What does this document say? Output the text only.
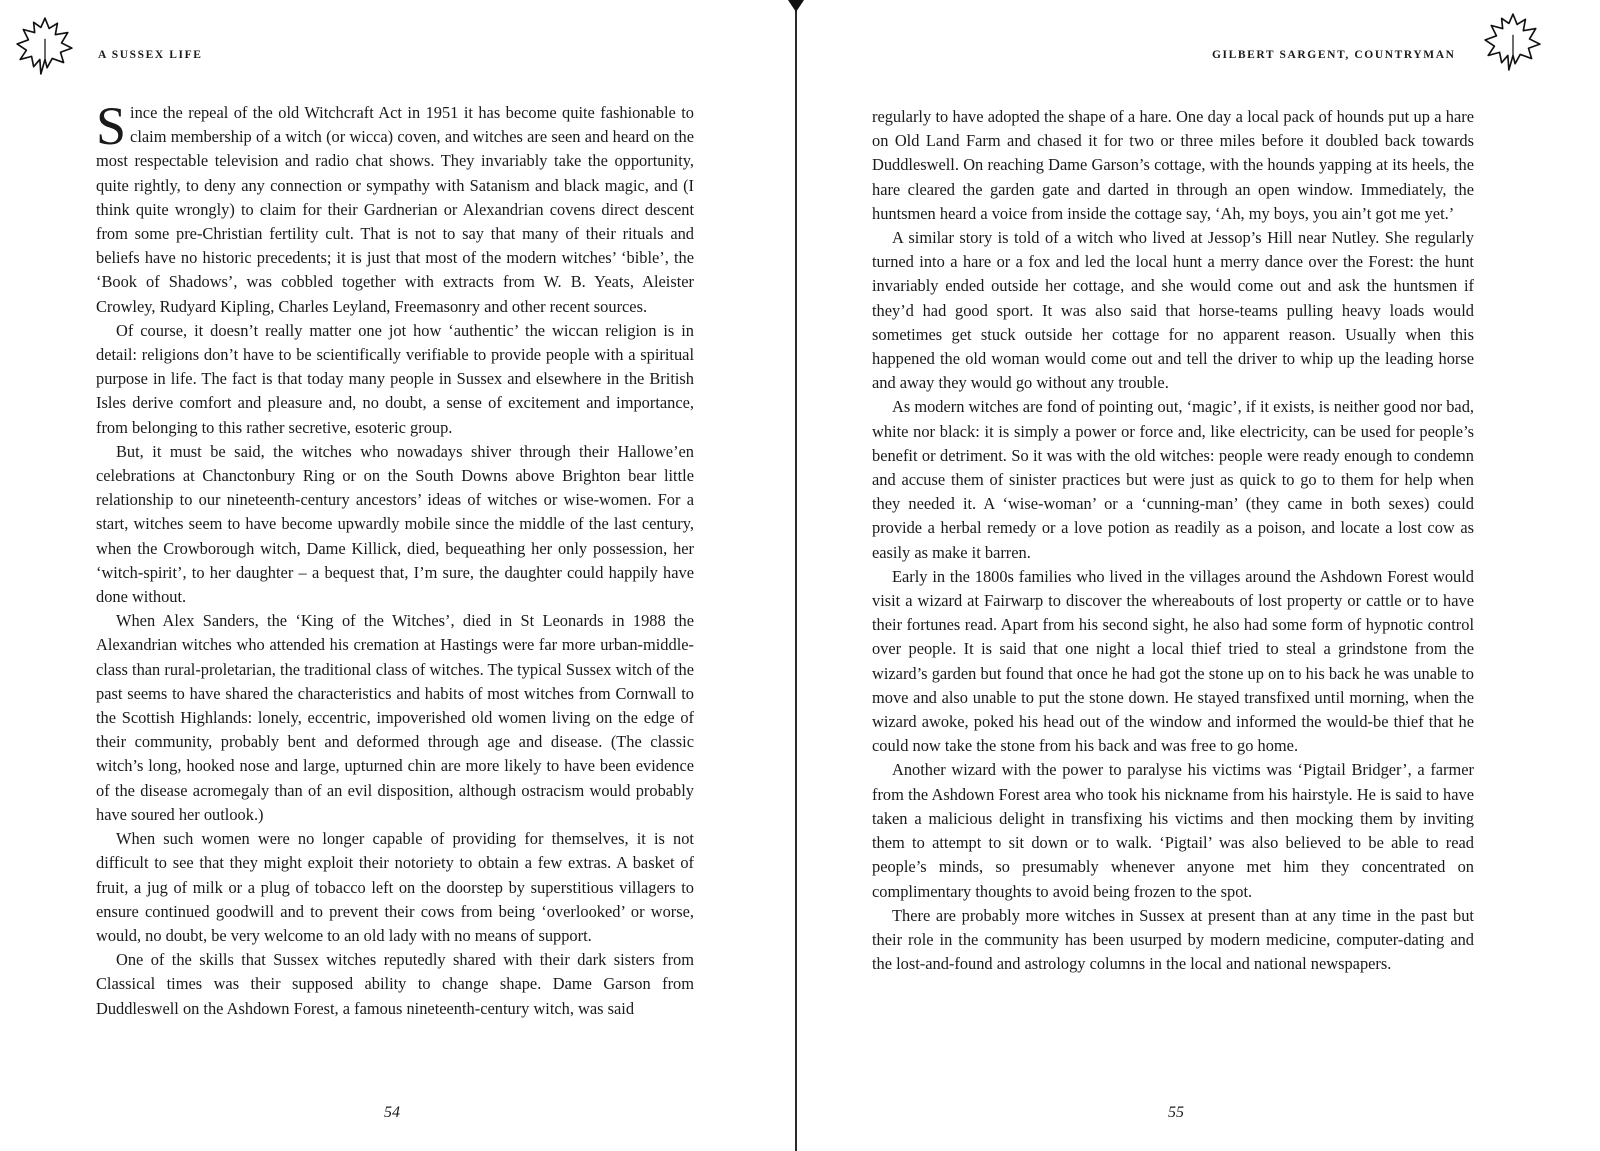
A SUSSEX LIFE

Since the repeal of the old Witchcraft Act in 1951 it has become quite fashionable to claim membership of a witch (or wicca) coven, and witches are seen and heard on the most respectable television and radio chat shows. They invariably take the opportunity, quite rightly, to deny any connection or sympathy with Satanism and black magic, and (I think quite wrongly) to claim for their Gardnerian or Alexandrian covens direct descent from some pre-Christian fertility cult. That is not to say that many of their rituals and beliefs have no historic precedents; it is just that most of the modern witches’ ‘bible’, the ‘Book of Shadows’, was cobbled together with extracts from W. B. Yeats, Aleister Crowley, Rudyard Kipling, Charles Leyland, Freemasonry and other recent sources.

Of course, it doesn’t really matter one jot how ‘authentic’ the wiccan religion is in detail: religions don’t have to be scientifically verifiable to provide people with a spiritual purpose in life. The fact is that today many people in Sussex and elsewhere in the British Isles derive comfort and pleasure and, no doubt, a sense of excitement and importance, from belonging to this rather secretive, esoteric group.

But, it must be said, the witches who nowadays shiver through their Hallowe’en celebrations at Chanctonbury Ring or on the South Downs above Brighton bear little relationship to our nineteenth-century ancestors’ ideas of witches or wise-women. For a start, witches seem to have become upwardly mobile since the middle of the last century, when the Crowborough witch, Dame Killick, died, bequeathing her only possession, her ‘witch-spirit’, to her daughter – a bequest that, I’m sure, the daughter could happily have done without.

When Alex Sanders, the ‘King of the Witches’, died in St Leonards in 1988 the Alexandrian witches who attended his cremation at Hastings were far more urban-middle-class than rural-proletarian, the traditional class of witches. The typical Sussex witch of the past seems to have shared the characteristics and habits of most witches from Cornwall to the Scottish Highlands: lonely, eccentric, impoverished old women living on the edge of their community, probably bent and deformed through age and disease. (The classic witch’s long, hooked nose and large, upturned chin are more likely to have been evidence of the disease acromegaly than of an evil disposition, although ostracism would probably have soured her outlook.)

When such women were no longer capable of providing for themselves, it is not difficult to see that they might exploit their notoriety to obtain a few extras. A basket of fruit, a jug of milk or a plug of tobacco left on the doorstep by superstitious villagers to ensure continued goodwill and to prevent their cows from being ‘overlooked’ or worse, would, no doubt, be very welcome to an old lady with no means of support.

One of the skills that Sussex witches reputedly shared with their dark sisters from Classical times was their supposed ability to change shape. Dame Garson from Duddleswell on the Ashdown Forest, a famous nineteenth-century witch, was said

54
GILBERT SARGENT, COUNTRYMAN

regularly to have adopted the shape of a hare. One day a local pack of hounds put up a hare on Old Land Farm and chased it for two or three miles before it doubled back towards Duddleswell. On reaching Dame Garson’s cottage, with the hounds yapping at its heels, the hare cleared the garden gate and darted in through an open window. Immediately, the huntsmen heard a voice from inside the cottage say, ‘Ah, my boys, you ain’t got me yet.’

A similar story is told of a witch who lived at Jessop’s Hill near Nutley. She regularly turned into a hare or a fox and led the local hunt a merry dance over the Forest: the hunt invariably ended outside her cottage, and she would come out and ask the huntsmen if they’d had good sport. It was also said that horse-teams pulling heavy loads would sometimes get stuck outside her cottage for no apparent reason. Usually when this happened the old woman would come out and tell the driver to whip up the leading horse and away they would go without any trouble.

As modern witches are fond of pointing out, ‘magic’, if it exists, is neither good nor bad, white nor black: it is simply a power or force and, like electricity, can be used for people’s benefit or detriment. So it was with the old witches: people were ready enough to condemn and accuse them of sinister practices but were just as quick to go to them for help when they needed it. A ‘wise-woman’ or a ‘cunning-man’ (they came in both sexes) could provide a herbal remedy or a love potion as readily as a poison, and locate a lost cow as easily as make it barren.

Early in the 1800s families who lived in the villages around the Ashdown Forest would visit a wizard at Fairwarp to discover the whereabouts of lost property or cattle or to have their fortunes read. Apart from his second sight, he also had some form of hypnotic control over people. It is said that one night a local thief tried to steal a grindstone from the wizard’s garden but found that once he had got the stone up on to his back he was unable to move and also unable to put the stone down. He stayed transfixed until morning, when the wizard awoke, poked his head out of the window and informed the would-be thief that he could now take the stone from his back and was free to go home.

Another wizard with the power to paralyse his victims was ‘Pigtail Bridger’, a farmer from the Ashdown Forest area who took his nickname from his hairstyle. He is said to have taken a malicious delight in transfixing his victims and then mocking them by inviting them to attempt to sit down or to walk. ‘Pigtail’ was also believed to be able to read people’s minds, so presumably whenever anyone met him they concentrated on complimentary thoughts to avoid being frozen to the spot.

There are probably more witches in Sussex at present than at any time in the past but their role in the community has been usurped by modern medicine, computer-dating and the lost-and-found and astrology columns in the local and national newspapers.

55
